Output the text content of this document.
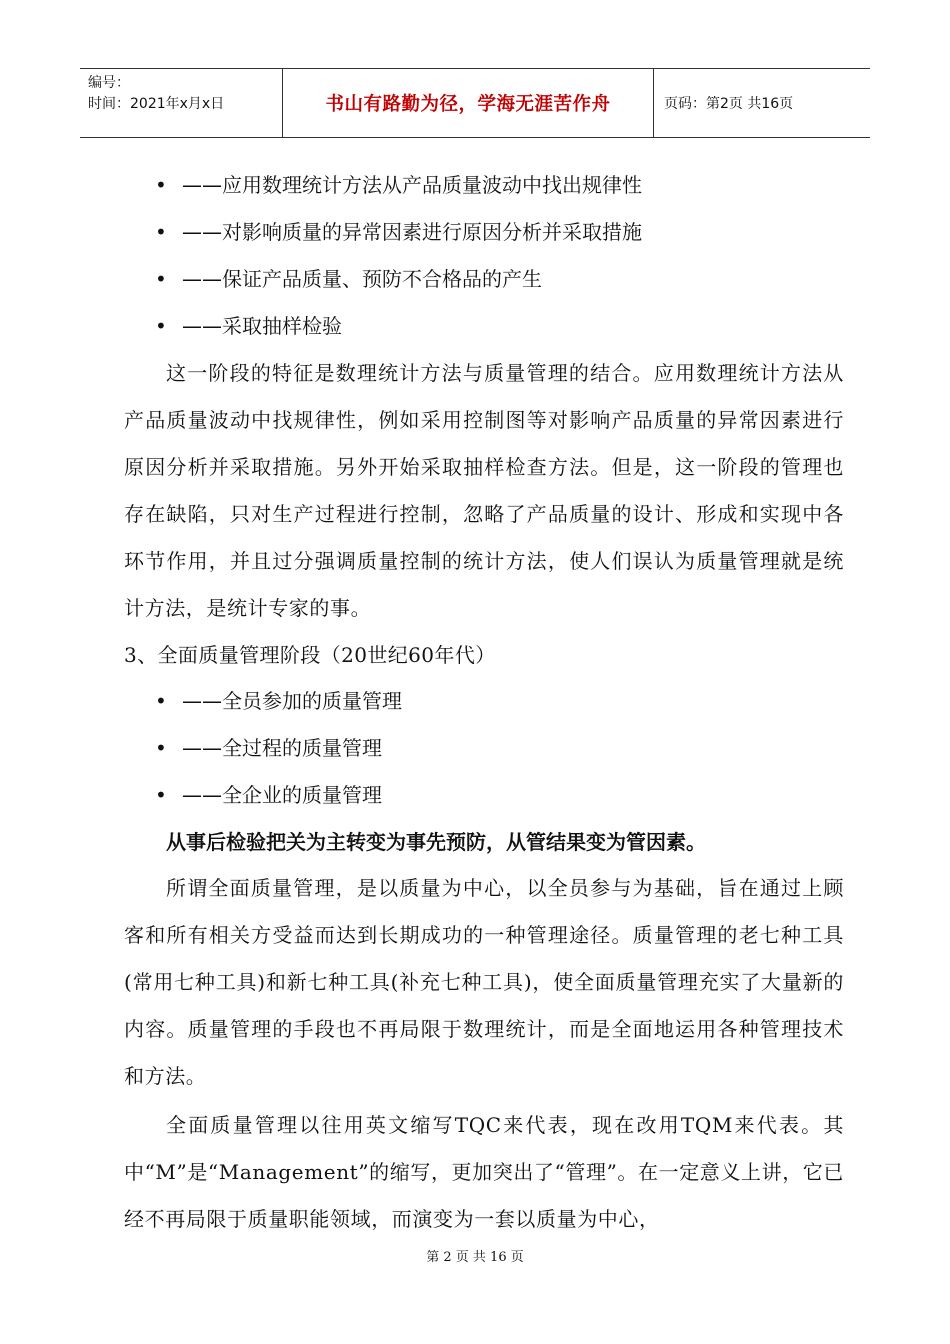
编号：
时间：2021年x月x日	书山有路勤为径，学海无涯苦作舟	页码：第2页 共16页
• ——应用数理统计方法从产品质量波动中找出规律性
• ——对影响质量的异常因素进行原因分析并采取措施
• ——保证产品质量、预防不合格品的产生
• ——采取抽样检验

这一阶段的特征是数理统计方法与质量管理的结合。应用数理统计方法从产品质量波动中找规律性，例如采用控制图等对影响产品质量的异常因素进行原因分析并采取措施。另外开始采取抽样检查方法。但是，这一阶段的管理也存在缺陷，只对生产过程进行控制，忽略了产品质量的设计、形成和实现中各环节作用，并且过分强调质量控制的统计方法，使人们误认为质量管理就是统计方法，是统计专家的事。

3、全面质量管理阶段（20世纪60年代）

• ——全员参加的质量管理
• ——全过程的质量管理
• ——全企业的质量管理

从事后检验把关为主转变为事先预防，从管结果变为管因素。

所谓全面质量管理，是以质量为中心，以全员参与为基础，旨在通过上顾客和所有相关方受益而达到长期成功的一种管理途径。质量管理的老七种工具(常用七种工具)和新七种工具(补充七种工具)，使全面质量管理充实了大量新的内容。质量管理的手段也不再局限于数理统计，而是全面地运用各种管理技术和方法。

全面质量管理以往用英文缩写TQC来代表，现在改用TQM来代表。其中“M”是“Management”的缩写，更加突出了“管理”。在一定意义上讲，它已经不再局限于质量职能领域，而演变为一套以质量为中心，

第 2 页 共 16 页
